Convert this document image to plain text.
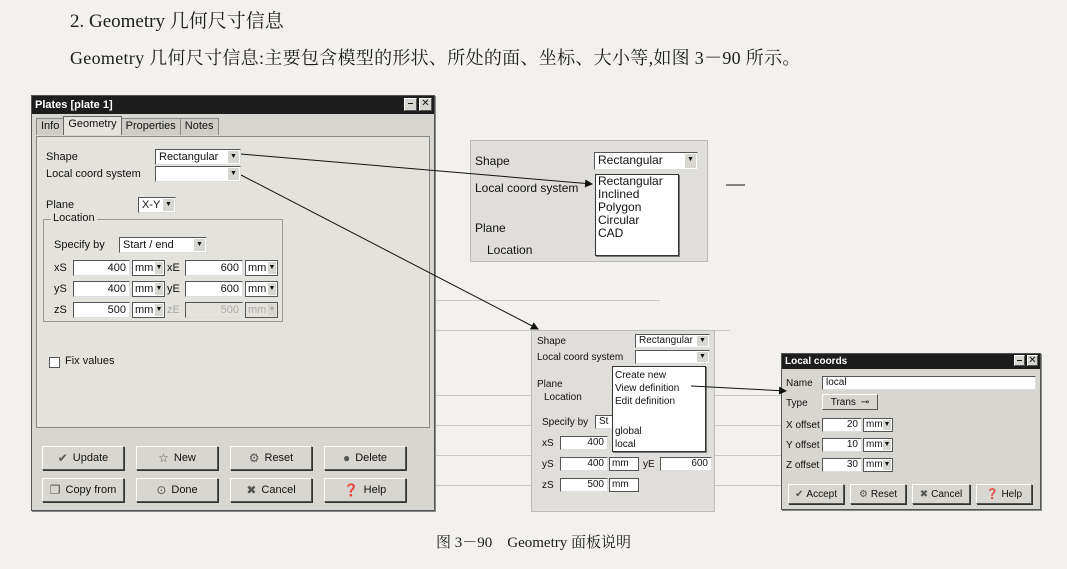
2. Geometry 几何尺寸信息
Geometry 几何尺寸信息:主要包含模型的形状、所处的面、坐标、大小等,如图 3－90 所示。
Plates [plate 1]	– ✕
Info Geometry Properties Notes
Shape	Rectangular ▼
Local coord system	▼
Plane	X-Y ▼
Location
Specify by	Start / end	▼
xS	400 mm ▼ xE	600 mm ▼
yS	400 mm ▼ yE	600 mm ▼
zS	500 mm ▼ zE	500 mm ▼
Fix values
✔ Update	☆ New	⚙ Reset	● Delete
❐ Copy from	⊙ Done	✖ Cancel	❓ Help
Shape	Rectangular	▼
Local coord system
Plane
Location
Rectangular
Inclined
Polygon
Circular
CAD
Shape	Rectangular ▼
Local coord system	▼
Plane
Location
Specify by	St
xS	400
yS	400 mm	yE	600
zS	500 mm
Create new
View definition
Edit definition
global
local
Local coords	– ✕
Name	local
Type Trans ⊸
X offset	20 mm ▼
Y offset	10 mm ▼
Z offset	30 mm ▼
✔ Accept ⚙ Reset ✖ Cancel ❓ Help
图 3－90　Geometry 面板说明
